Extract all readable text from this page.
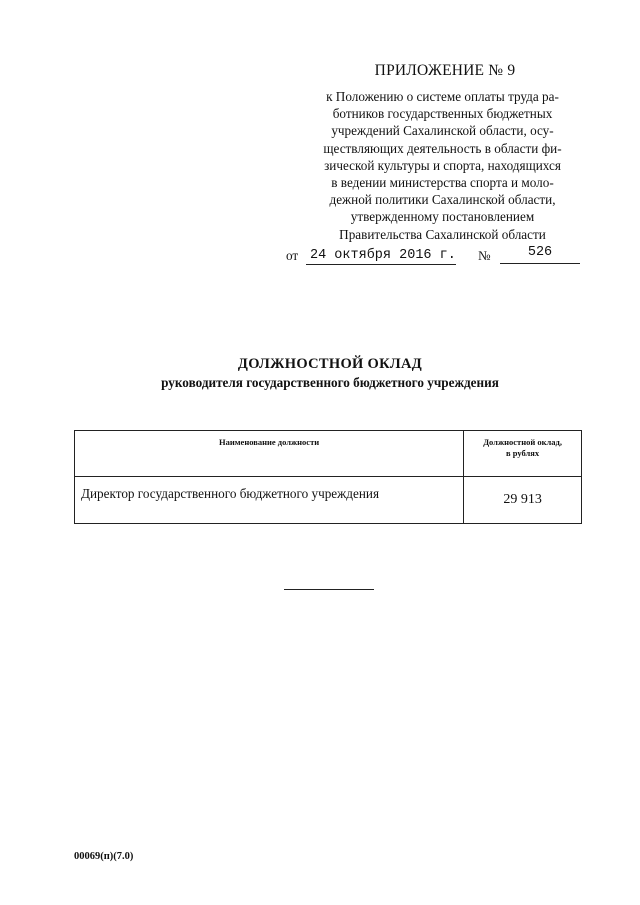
ПРИЛОЖЕНИЕ № 9
к Положению о системе оплаты труда ра-
ботников государственных бюджетных
учреждений Сахалинской области, осу-
ществляющих деятельность в области фи-
зической культуры и спорта, находящихся
в ведении министерства спорта и моло-
дежной политики Сахалинской области,
утвержденному постановлением
Правительства Сахалинской области
от 24 октября 2016 г. №	526
ДОЛЖНОСТНОЙ ОКЛАД
руководителя государственного бюджетного учреждения
Наименование должности	Должностной оклад,
в рублях

Директор государственного бюджетного учреждения	29 913
00069(п)(7.0)
